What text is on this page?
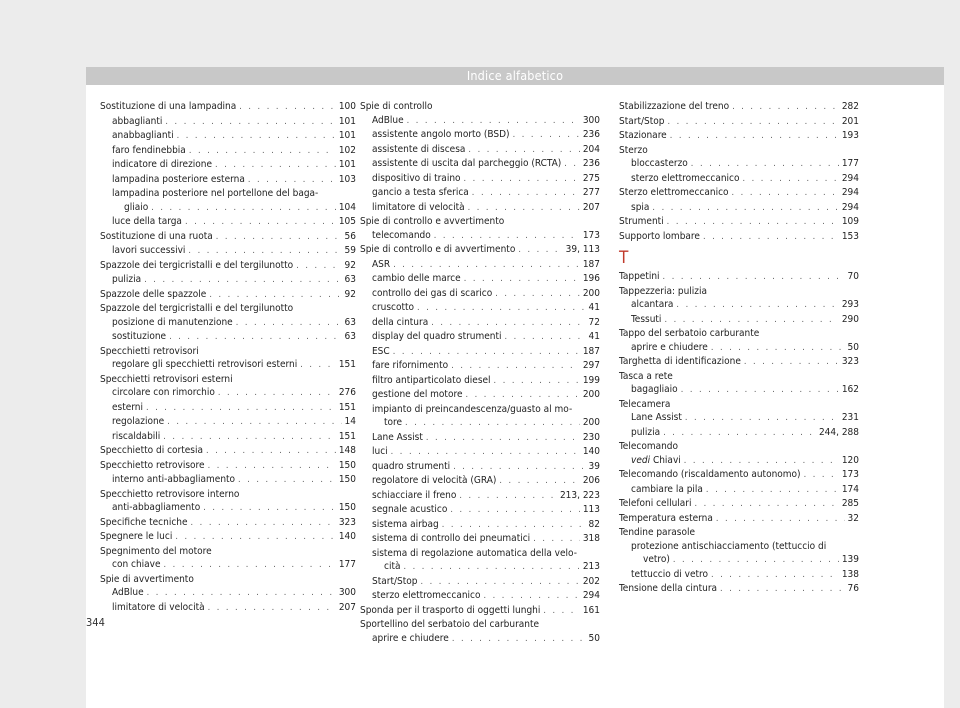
Indice alfabetico
Sostituzione di una lampadina . . .	100
abbaglianti . . .	101
anabbaglianti . . .	101
faro fendinebbia . . .	102
indicatore di direzione . . .	101
lampadina posteriore esterna . . .	103
lampadina posteriore nel portellone del baga-
gliaio . . .	104
luce della targa . . .	105
Sostituzione di una ruota . . .	56
lavori successivi . . .	59
Spazzole dei tergicristalli e del tergilunotto . . .	92
pulizia . . .	63
Spazzole delle spazzole . . .	92
Spazzole del tergicristalli e del tergilunotto
posizione di manutenzione . . .	63
sostituzione . . .	63
Specchietti retrovisori
regolare gli specchietti retrovisori esterni . . .	151
Specchietti retrovisori esterni
circolare con rimorchio . . .	276
esterni . . .	151
regolazione . . .	14
riscaldabili . . .	151
Specchietto di cortesia . . .	148
Specchietto retrovisore . . .	150
interno anti-abbagliamento . . .	150
Specchietto retrovisore interno
anti-abbagliamento . . .	150
Specifiche tecniche . . .	323
Spegnere le luci . . .	140
Spegnimento del motore
con chiave . . .	177
Spie di avvertimento
AdBlue . . .	300
limitatore di velocità . . .	207
Spie di controllo
AdBlue . . .	300
assistente angolo morto (BSD) . . .	236
assistente di discesa . . .	204
assistente di uscita dal parcheggio (RCTA) . . . 236
dispositivo di traino . . .	275
gancio a testa sferica . . .	277
limitatore di velocità . . .	207
Spie di controllo e avvertimento
telecomando . . .	173
Spie di controllo e di avvertimento . . .	39, 113
ASR . . .	187
cambio delle marce . . .	196
controllo dei gas di scarico . . .	200
cruscotto . . .	41
della cintura . . .	72
display del quadro strumenti . . .	41
ESC . . .	187
fare rifornimento . . .	297
filtro antiparticolato diesel . . .	199
gestione del motore . . .	200
impianto di preincandescenza/guasto al mo-
tore . . .	200
Lane Assist . . .	230
luci . . .	140
quadro strumenti . . .	39
regolatore di velocità (GRA) . . .	206
schiacciare il freno . . .	213, 223
segnale acustico . . .	113
sistema airbag . . .	82
sistema di controllo dei pneumatici . . .	318
sistema di regolazione automatica della velo-
cità . . .	213
Start/Stop . . .	202
sterzo elettromeccanico . . .	294
Sponda per il trasporto di oggetti lunghi . . .	161
Sportellino del serbatoio del carburante
aprire e chiudere . . .	50
Stabilizzazione del treno . . .	282
Start/Stop . . .	201
Stazionare . . .	193
Sterzo
bloccasterzo . . .	177
sterzo elettromeccanico . . .	294
Sterzo elettromeccanico . . .	294
spia . . .	294
Strumenti . . .	109
Supporto lombare . . .	153
T
Tappetini . . .	70
Tappezzeria: pulizia
alcantara . . .	293
Tessuti . . .	290
Tappo del serbatoio carburante
aprire e chiudere . . .	50
Targhetta di identificazione . . .	323
Tasca a rete
bagagliaio . . .	162
Telecamera
Lane Assist . . .	231
pulizia . . .	244, 288
Telecomando
vedi Chiavi . . .	120
Telecomando (riscaldamento autonomo) . . .	173
cambiare la pila . . .	174
Telefoni cellulari . . .	285
Temperatura esterna . . .	32
Tendine parasole
protezione antischiacciamento (tettuccio di
vetro) . . .	139
tettuccio di vetro . . .	138
Tensione della cintura . . .	76
344
